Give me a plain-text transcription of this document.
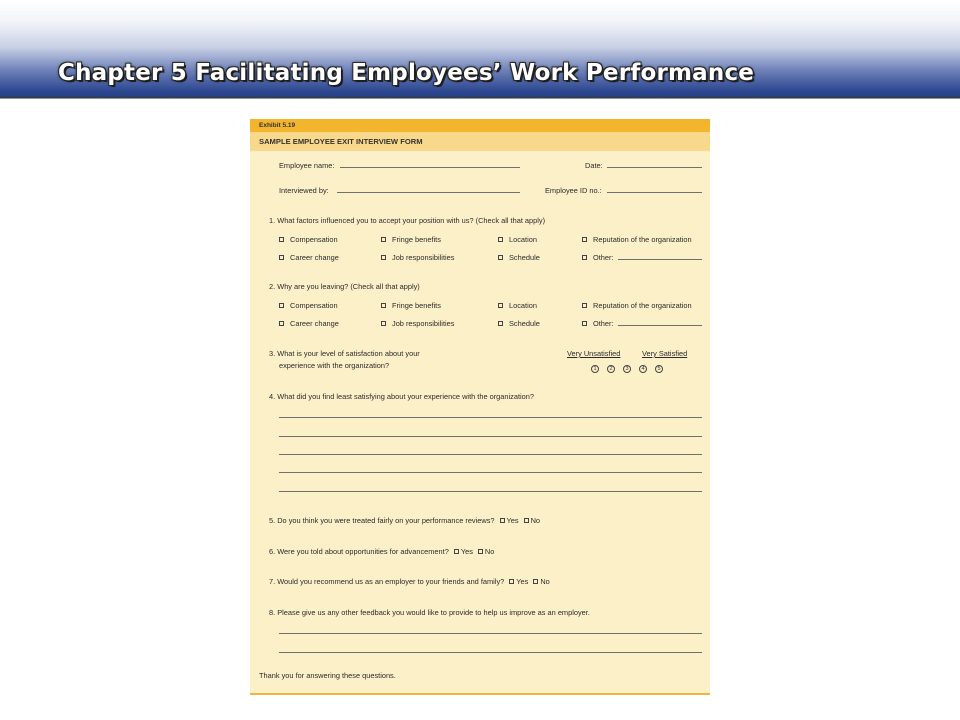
Chapter 5 Facilitating Employees’ Work Performance
Exhibit 5.19
SAMPLE EMPLOYEE EXIT INTERVIEW FORM
Employee name:	Date:
Interviewed by:	Employee ID no.:
1. What factors influenced you to accept your position with us? (Check all that apply)
Compensation	Fringe benefits	Location	Reputation of the organization
Career change	Job responsibilities	Schedule	Other:
2. Why are you leaving? (Check all that apply)
Compensation	Fringe benefits	Location	Reputation of the organization
Career change	Job responsibilities	Schedule	Other:
3. What is your level of satisfaction about your
experience with the organization?
Very Unsatisfied	Very Satisfied
1	2	3	4	5
4. What did you find least satisfying about your experience with the organization?
5. Do you think you were treated fairly on your performance reviews? Yes No
6. Were you told about opportunities for advancement? Yes No
7. Would you recommend us as an employer to your friends and family? Yes No
8. Please give us any other feedback you would like to provide to help us improve as an employer.
Thank you for answering these questions.
